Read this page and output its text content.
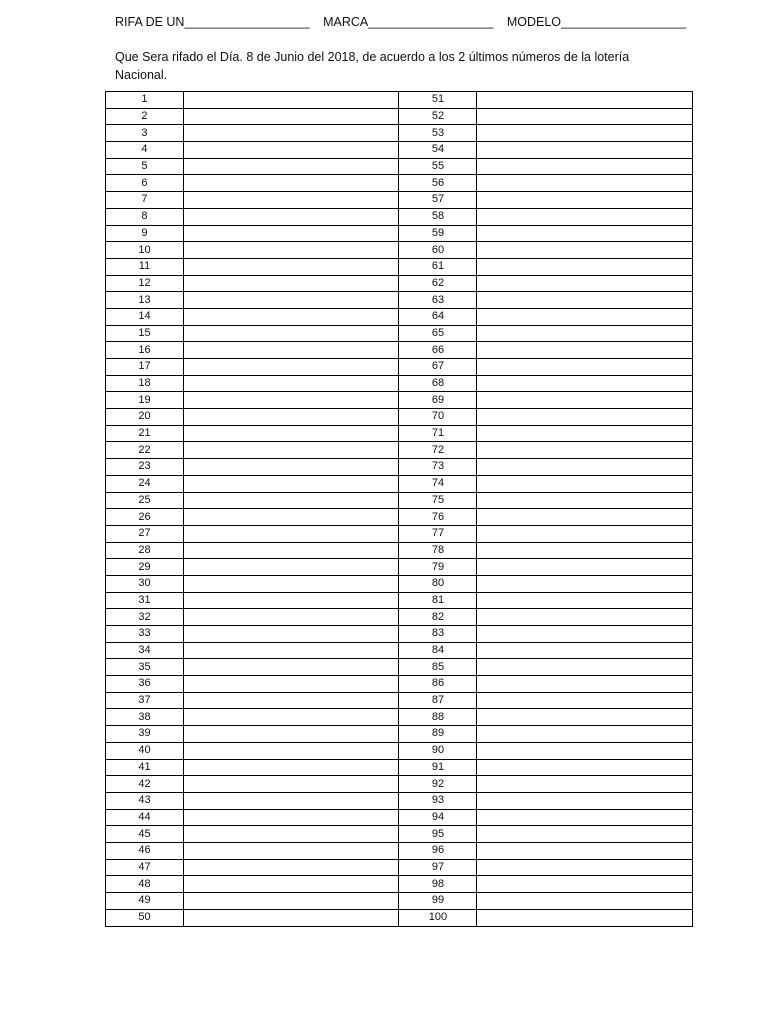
RIFA DE UN__________________ MARCA__________________ MODELO__________________
Que Sera rifado el Día. 8 de Junio del 2018, de acuerdo a los 2 últimos números de la lotería
Nacional.
1		51	
2		52	
3		53	
4		54	
5		55	
6		56	
7		57	
8		58	
9		59	
10		60	
11		61	
12		62	
13		63	
14		64	
15		65	
16		66	
17		67	
18		68	
19		69	
20		70	
21		71	
22		72	
23		73	
24		74	
25		75	
26		76	
27		77	
28		78	
29		79	
30		80	
31		81	
32		82	
33		83	
34		84	
35		85	
36		86	
37		87	
38		88	
39		89	
40		90	
41		91	
42		92	
43		93	
44		94	
45		95	
46		96	
47		97	
48		98	
49		99	
50		100	
